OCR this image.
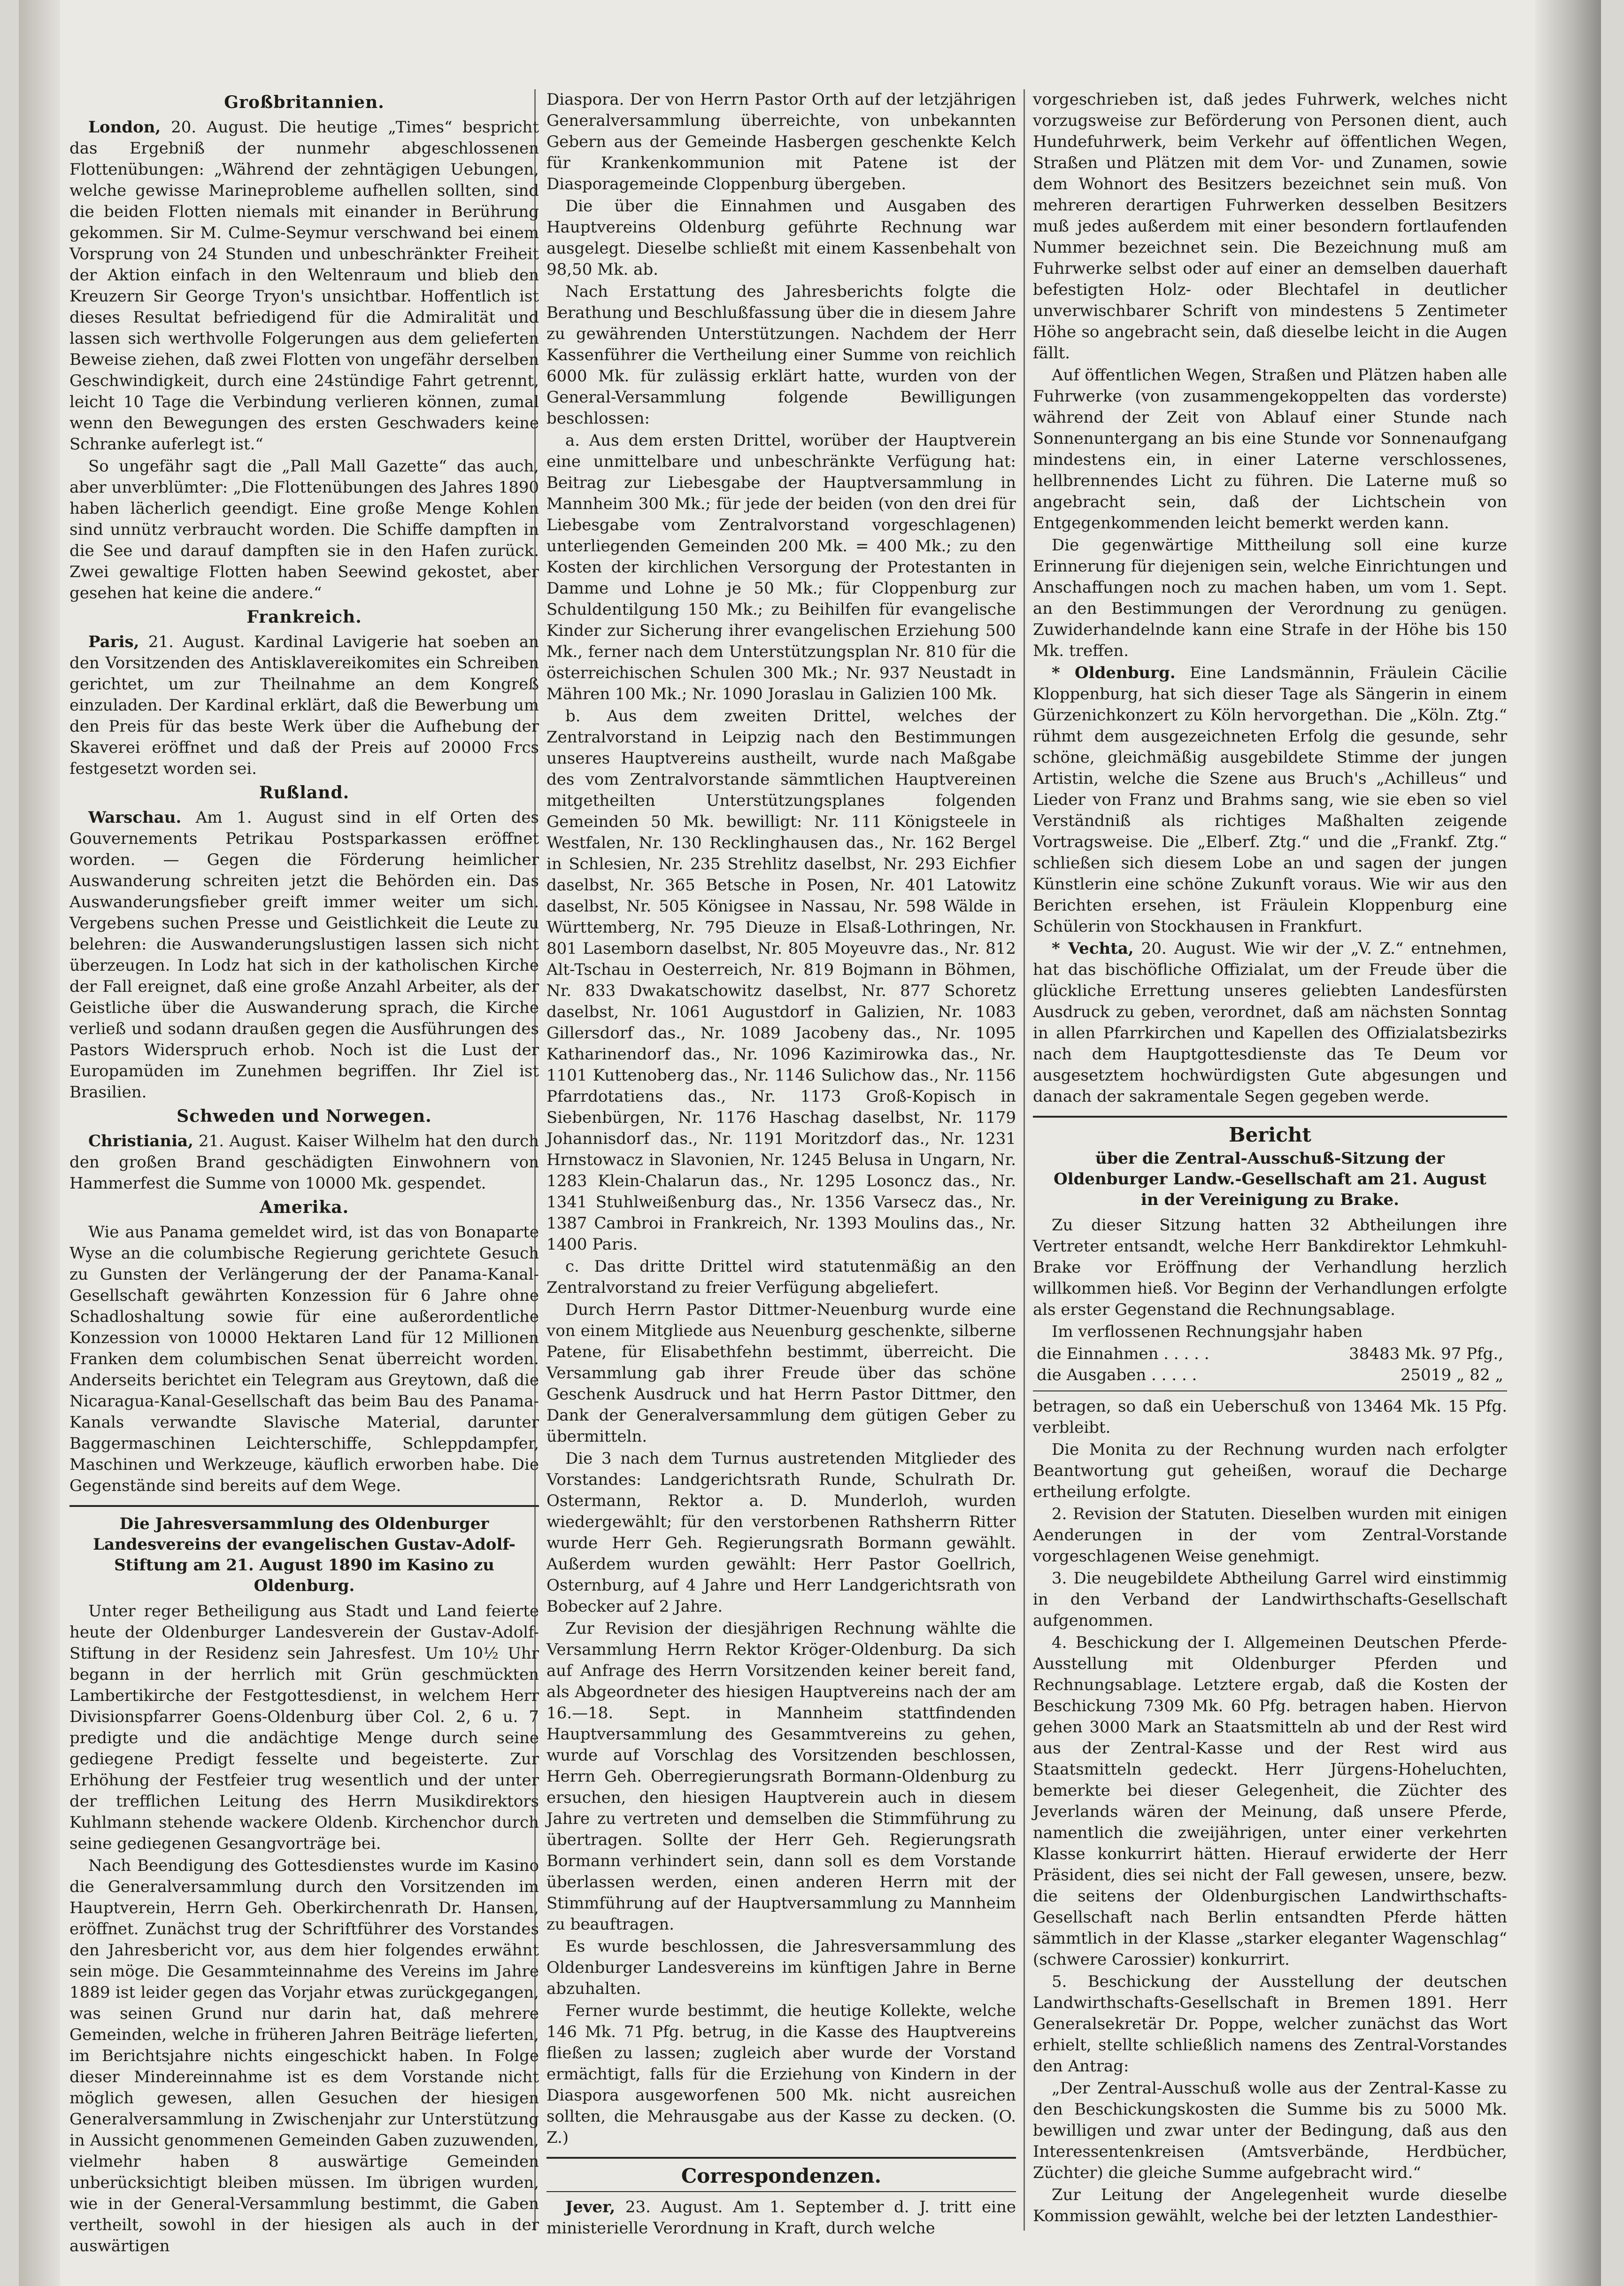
Großbritannien.

London, 20. August. Die heutige „Times“ bespricht das Ergebniß der nunmehr abgeschlossenen Flottenübungen: „Während der zehntägigen Uebungen, welche gewisse Marineprobleme aufhellen sollten, sind die beiden Flotten niemals mit einander in Berührung gekommen. Sir M. Culme-Seymur verschwand bei einem Vorsprung von 24 Stunden und unbeschränkter Freiheit der Aktion einfach in den Weltenraum und blieb den Kreuzern Sir George Tryon's unsichtbar. Hoffentlich ist dieses Resultat befriedigend für die Admiralität und lassen sich werthvolle Folgerungen aus dem gelieferten Beweise ziehen, daß zwei Flotten von ungefähr derselben Geschwindigkeit, durch eine 24stündige Fahrt getrennt, leicht 10 Tage die Verbindung verlieren können, zumal wenn den Bewegungen des ersten Geschwaders keine Schranke auferlegt ist.“

So ungefähr sagt die „Pall Mall Gazette“ das auch, aber unverblümter: „Die Flottenübungen des Jahres 1890 haben lächerlich geendigt. Eine große Menge Kohlen sind unnütz verbraucht worden. Die Schiffe dampften in die See und darauf dampften sie in den Hafen zurück. Zwei gewaltige Flotten haben Seewind gekostet, aber gesehen hat keine die andere.“

Frankreich.

Paris, 21. August. Kardinal Lavigerie hat soeben an den Vorsitzenden des Antisklavereikomites ein Schreiben gerichtet, um zur Theilnahme an dem Kongreß einzuladen. Der Kardinal erklärt, daß die Bewerbung um den Preis für das beste Werk über die Aufhebung der Skaverei eröffnet und daß der Preis auf 20000 Frcs festgesetzt worden sei.

Rußland.

Warschau. Am 1. August sind in elf Orten des Gouvernements Petrikau Postsparkassen eröffnet worden. — Gegen die Förderung heimlicher Auswanderung schreiten jetzt die Behörden ein. Das Auswanderungsfieber greift immer weiter um sich. Vergebens suchen Presse und Geistlichkeit die Leute zu belehren: die Auswanderungslustigen lassen sich nicht überzeugen. In Lodz hat sich in der katholischen Kirche der Fall ereignet, daß eine große Anzahl Arbeiter, als der Geistliche über die Auswanderung sprach, die Kirche verließ und sodann draußen gegen die Ausführungen des Pastors Widerspruch erhob. Noch ist die Lust der Europamüden im Zunehmen begriffen. Ihr Ziel ist Brasilien.

Schweden und Norwegen.

Christiania, 21. August. Kaiser Wilhelm hat den durch den großen Brand geschädigten Einwohnern von Hammerfest die Summe von 10000 Mk. gespendet.

Amerika.

Wie aus Panama gemeldet wird, ist das von Bonaparte Wyse an die columbische Regierung gerichtete Gesuch zu Gunsten der Verlängerung der der Panama-Kanal-Gesellschaft gewährten Konzession für 6 Jahre ohne Schadloshaltung sowie für eine außerordentliche Konzession von 10000 Hektaren Land für 12 Millionen Franken dem columbischen Senat überreicht worden. Anderseits berichtet ein Telegram aus Greytown, daß die Nicaragua-Kanal-Gesellschaft das beim Bau des Panama-Kanals verwandte Slavische Material, darunter Baggermaschinen Leichterschiffe, Schleppdampfer, Maschinen und Werkzeuge, käuflich erworben habe. Die Gegenstände sind bereits auf dem Wege.

Die Jahresversammlung des Oldenburger Landesvereins der evangelischen Gustav-Adolf-Stiftung am 21. August 1890 im Kasino zu Oldenburg.

Unter reger Betheiligung aus Stadt und Land feierte heute der Oldenburger Landesverein der Gustav-Adolf-Stiftung in der Residenz sein Jahresfest. Um 10½ Uhr begann in der herrlich mit Grün geschmückten Lambertikirche der Festgottesdienst, in welchem Herr Divisionspfarrer Goens-Oldenburg über Col. 2, 6 u. 7 predigte und die andächtige Menge durch seine gediegene Predigt fesselte und begeisterte. Zur Erhöhung der Festfeier trug wesentlich und der unter der trefflichen Leitung des Herrn Musikdirektors Kuhlmann stehende wackere Oldenb. Kirchenchor durch seine gediegenen Gesangvorträge bei.

Nach Beendigung des Gottesdienstes wurde im Kasino die Generalversammlung durch den Vorsitzenden im Hauptverein, Herrn Geh. Oberkirchenrath Dr. Hansen, eröffnet. Zunächst trug der Schriftführer des Vorstandes den Jahresbericht vor, aus dem hier folgendes erwähnt sein möge. Die Gesammteinnahme des Vereins im Jahre 1889 ist leider gegen das Vorjahr etwas zurückgegangen, was seinen Grund nur darin hat, daß mehrere Gemeinden, welche in früheren Jahren Beiträge lieferten, im Berichtsjahre nichts eingeschickt haben. In Folge dieser Mindereinnahme ist es dem Vorstande nicht möglich gewesen, allen Gesuchen der hiesigen Generalversammlung in Zwischenjahr zur Unterstützung in Aussicht genommenen Gemeinden Gaben zuzuwenden, vielmehr haben 8 auswärtige Gemeinden unberücksichtigt bleiben müssen. Im übrigen wurden, wie in der General-Versammlung bestimmt, die Gaben vertheilt, sowohl in der hiesigen als auch in der auswärtigen

Diaspora. Der von Herrn Pastor Orth auf der letzjährigen Generalversammlung überreichte, von unbekannten Gebern aus der Gemeinde Hasbergen geschenkte Kelch für Krankenkommunion mit Patene ist der Diasporagemeinde Cloppenburg übergeben.

Die über die Einnahmen und Ausgaben des Hauptvereins Oldenburg geführte Rechnung war ausgelegt. Dieselbe schließt mit einem Kassenbehalt von 98,50 Mk. ab.

Nach Erstattung des Jahresberichts folgte die Berathung und Beschlußfassung über die in diesem Jahre zu gewährenden Unterstützungen. Nachdem der Herr Kassenführer die Vertheilung einer Summe von reichlich 6000 Mk. für zulässig erklärt hatte, wurden von der General-Versammlung folgende Bewilligungen beschlossen:

a. Aus dem ersten Drittel, worüber der Hauptverein eine unmittelbare und unbeschränkte Verfügung hat: Beitrag zur Liebesgabe der Hauptversammlung in Mannheim 300 Mk.; für jede der beiden (von den drei für Liebesgabe vom Zentralvorstand vorgeschlagenen) unterliegenden Gemeinden 200 Mk. = 400 Mk.; zu den Kosten der kirchlichen Versorgung der Protestanten in Damme und Lohne je 50 Mk.; für Cloppenburg zur Schuldentilgung 150 Mk.; zu Beihilfen für evangelische Kinder zur Sicherung ihrer evangelischen Erziehung 500 Mk., ferner nach dem Unterstützungsplan Nr. 810 für die österreichischen Schulen 300 Mk.; Nr. 937 Neustadt in Mähren 100 Mk.; Nr. 1090 Joraslau in Galizien 100 Mk.

b. Aus dem zweiten Drittel, welches der Zentralvorstand in Leipzig nach den Bestimmungen unseres Hauptvereins austheilt, wurde nach Maßgabe des vom Zentralvorstande sämmtlichen Hauptvereinen mitgetheilten Unterstützungsplanes folgenden Gemeinden 50 Mk. bewilligt: Nr. 111 Königsteele in Westfalen, Nr. 130 Recklinghausen das., Nr. 162 Bergel in Schlesien, Nr. 235 Strehlitz daselbst, Nr. 293 Eichfier daselbst, Nr. 365 Betsche in Posen, Nr. 401 Latowitz daselbst, Nr. 505 Königsee in Nassau, Nr. 598 Wälde in Württemberg, Nr. 795 Dieuze in Elsaß-Lothringen, Nr. 801 Lasemborn daselbst, Nr. 805 Moyeuvre das., Nr. 812 Alt-Tschau in Oesterreich, Nr. 819 Bojmann in Böhmen, Nr. 833 Dwakatschowitz daselbst, Nr. 877 Schoretz daselbst, Nr. 1061 Augustdorf in Galizien, Nr. 1083 Gillersdorf das., Nr. 1089 Jacobeny das., Nr. 1095 Katharinendorf das., Nr. 1096 Kazimirowka das., Nr. 1101 Kuttenoberg das., Nr. 1146 Sulichow das., Nr. 1156 Pfarrdotatiens das., Nr. 1173 Groß-Kopisch in Siebenbürgen, Nr. 1176 Haschag daselbst, Nr. 1179 Johannisdorf das., Nr. 1191 Moritzdorf das., Nr. 1231 Hrnstowacz in Slavonien, Nr. 1245 Belusa in Ungarn, Nr. 1283 Klein-Chalarun das., Nr. 1295 Losoncz das., Nr. 1341 Stuhlweißenburg das., Nr. 1356 Varsecz das., Nr. 1387 Cambroi in Frankreich, Nr. 1393 Moulins das., Nr. 1400 Paris.

c. Das dritte Drittel wird statutenmäßig an den Zentralvorstand zu freier Verfügung abgeliefert.

Durch Herrn Pastor Dittmer-Neuenburg wurde eine von einem Mitgliede aus Neuenburg geschenkte, silberne Patene, für Elisabethfehn bestimmt, überreicht. Die Versammlung gab ihrer Freude über das schöne Geschenk Ausdruck und hat Herrn Pastor Dittmer, den Dank der Generalversammlung dem gütigen Geber zu übermitteln.

Die 3 nach dem Turnus austretenden Mitglieder des Vorstandes: Landgerichtsrath Runde, Schulrath Dr. Ostermann, Rektor a. D. Munderloh, wurden wiedergewählt; für den verstorbenen Rathsherrn Ritter wurde Herr Geh. Regierungsrath Bormann gewählt. Außerdem wurden gewählt: Herr Pastor Goellrich, Osternburg, auf 4 Jahre und Herr Landgerichtsrath von Bobecker auf 2 Jahre.

Zur Revision der diesjährigen Rechnung wählte die Versammlung Herrn Rektor Kröger-Oldenburg. Da sich auf Anfrage des Herrn Vorsitzenden keiner bereit fand, als Abgeordneter des hiesigen Hauptvereins nach der am 16.—18. Sept. in Mannheim stattfindenden Hauptversammlung des Gesammtvereins zu gehen, wurde auf Vorschlag des Vorsitzenden beschlossen, Herrn Geh. Oberregierungsrath Bormann-Oldenburg zu ersuchen, den hiesigen Hauptverein auch in diesem Jahre zu vertreten und demselben die Stimmführung zu übertragen. Sollte der Herr Geh. Regierungsrath Bormann verhindert sein, dann soll es dem Vorstande überlassen werden, einen anderen Herrn mit der Stimmführung auf der Hauptversammlung zu Mannheim zu beauftragen.

Es wurde beschlossen, die Jahresversammlung des Oldenburger Landesvereins im künftigen Jahre in Berne abzuhalten.

Ferner wurde bestimmt, die heutige Kollekte, welche 146 Mk. 71 Pfg. betrug, in die Kasse des Hauptvereins fließen zu lassen; zugleich aber wurde der Vorstand ermächtigt, falls für die Erziehung von Kindern in der Diaspora ausgeworfenen 500 Mk. nicht ausreichen sollten, die Mehrausgabe aus der Kasse zu decken. (O. Z.)

Correspondenzen.

Jever, 23. August. Am 1. September d. J. tritt eine ministerielle Verordnung in Kraft, durch welche

vorgeschrieben ist, daß jedes Fuhrwerk, welches nicht vorzugsweise zur Beförderung von Personen dient, auch Hundefuhrwerk, beim Verkehr auf öffentlichen Wegen, Straßen und Plätzen mit dem Vor- und Zunamen, sowie dem Wohnort des Besitzers bezeichnet sein muß. Von mehreren derartigen Fuhrwerken desselben Besitzers muß jedes außerdem mit einer besondern fortlaufenden Nummer bezeichnet sein. Die Bezeichnung muß am Fuhrwerke selbst oder auf einer an demselben dauerhaft befestigten Holz- oder Blechtafel in deutlicher unverwischbarer Schrift von mindestens 5 Zentimeter Höhe so angebracht sein, daß dieselbe leicht in die Augen fällt.

Auf öffentlichen Wegen, Straßen und Plätzen haben alle Fuhrwerke (von zusammengekoppelten das vorderste) während der Zeit von Ablauf einer Stunde nach Sonnenuntergang an bis eine Stunde vor Sonnenaufgang mindestens ein, in einer Laterne verschlossenes, hellbrennendes Licht zu führen. Die Laterne muß so angebracht sein, daß der Lichtschein von Entgegenkommenden leicht bemerkt werden kann.

Die gegenwärtige Mittheilung soll eine kurze Erinnerung für diejenigen sein, welche Einrichtungen und Anschaffungen noch zu machen haben, um vom 1. Sept. an den Bestimmungen der Verordnung zu genügen. Zuwiderhandelnde kann eine Strafe in der Höhe bis 150 Mk. treffen.

* Oldenburg. Eine Landsmännin, Fräulein Cäcilie Kloppenburg, hat sich dieser Tage als Sängerin in einem Gürzenichkonzert zu Köln hervorgethan. Die „Köln. Ztg.“ rühmt dem ausgezeichneten Erfolg die gesunde, sehr schöne, gleichmäßig ausgebildete Stimme der jungen Artistin, welche die Szene aus Bruch's „Achilleus“ und Lieder von Franz und Brahms sang, wie sie eben so viel Verständniß als richtiges Maßhalten zeigende Vortragsweise. Die „Elberf. Ztg.“ und die „Frankf. Ztg.“ schließen sich diesem Lobe an und sagen der jungen Künstlerin eine schöne Zukunft voraus. Wie wir aus den Berichten ersehen, ist Fräulein Kloppenburg eine Schülerin von Stockhausen in Frankfurt.

* Vechta, 20. August. Wie wir der „V. Z.“ entnehmen, hat das bischöfliche Offizialat, um der Freude über die glückliche Errettung unseres geliebten Landesfürsten Ausdruck zu geben, verordnet, daß am nächsten Sonntag in allen Pfarrkirchen und Kapellen des Offizialatsbezirks nach dem Hauptgottesdienste das Te Deum vor ausgesetztem hochwürdigsten Gute abgesungen und danach der sakramentale Segen gegeben werde.

Bericht
über die Zentral-Ausschuß-Sitzung der Oldenburger Landw.-Gesellschaft am 21. August in der Vereinigung zu Brake.

Zu dieser Sitzung hatten 32 Abtheilungen ihre Vertreter entsandt, welche Herr Bankdirektor Lehmkuhl-Brake vor Eröffnung der Verhandlung herzlich willkommen hieß. Vor Beginn der Verhandlungen erfolgte als erster Gegenstand die Rechnungsablage.

Im verflossenen Rechnungsjahr haben

die Einnahmen . . . . .	38483 Mk. 97 Pfg.,
die Ausgaben . . . . .	25019 „ 82 „

betragen, so daß ein Ueberschuß von 13464 Mk. 15 Pfg. verbleibt.

Die Monita zu der Rechnung wurden nach erfolgter Beantwortung gut geheißen, worauf die Decharge ertheilung erfolgte.

2. Revision der Statuten. Dieselben wurden mit einigen Aenderungen in der vom Zentral-Vorstande vorgeschlagenen Weise genehmigt.

3. Die neugebildete Abtheilung Garrel wird einstimmig in den Verband der Landwirthschafts-Gesellschaft aufgenommen.

4. Beschickung der I. Allgemeinen Deutschen Pferde-Ausstellung mit Oldenburger Pferden und Rechnungsablage. Letztere ergab, daß die Kosten der Beschickung 7309 Mk. 60 Pfg. betragen haben. Hiervon gehen 3000 Mark an Staatsmitteln ab und der Rest wird aus der Zentral-Kasse und der Rest wird aus Staatsmitteln gedeckt. Herr Jürgens-Hoheluchten, bemerkte bei dieser Gelegenheit, die Züchter des Jeverlands wären der Meinung, daß unsere Pferde, namentlich die zweijährigen, unter einer verkehrten Klasse konkurrirt hätten. Hierauf erwiderte der Herr Präsident, dies sei nicht der Fall gewesen, unsere, bezw. die seitens der Oldenburgischen Landwirthschafts-Gesellschaft nach Berlin entsandten Pferde hätten sämmtlich in der Klasse „starker eleganter Wagenschlag“ (schwere Carossier) konkurrirt.

5. Beschickung der Ausstellung der deutschen Landwirthschafts-Gesellschaft in Bremen 1891. Herr Generalsekretär Dr. Poppe, welcher zunächst das Wort erhielt, stellte schließlich namens des Zentral-Vorstandes den Antrag:

„Der Zentral-Ausschuß wolle aus der Zentral-Kasse zu den Beschickungskosten die Summe bis zu 5000 Mk. bewilligen und zwar unter der Bedingung, daß aus den Interessentenkreisen (Amtsverbände, Herdbücher, Züchter) die gleiche Summe aufgebracht wird.“

Zur Leitung der Angelegenheit wurde dieselbe Kommission gewählt, welche bei der letzten Landesthier-
